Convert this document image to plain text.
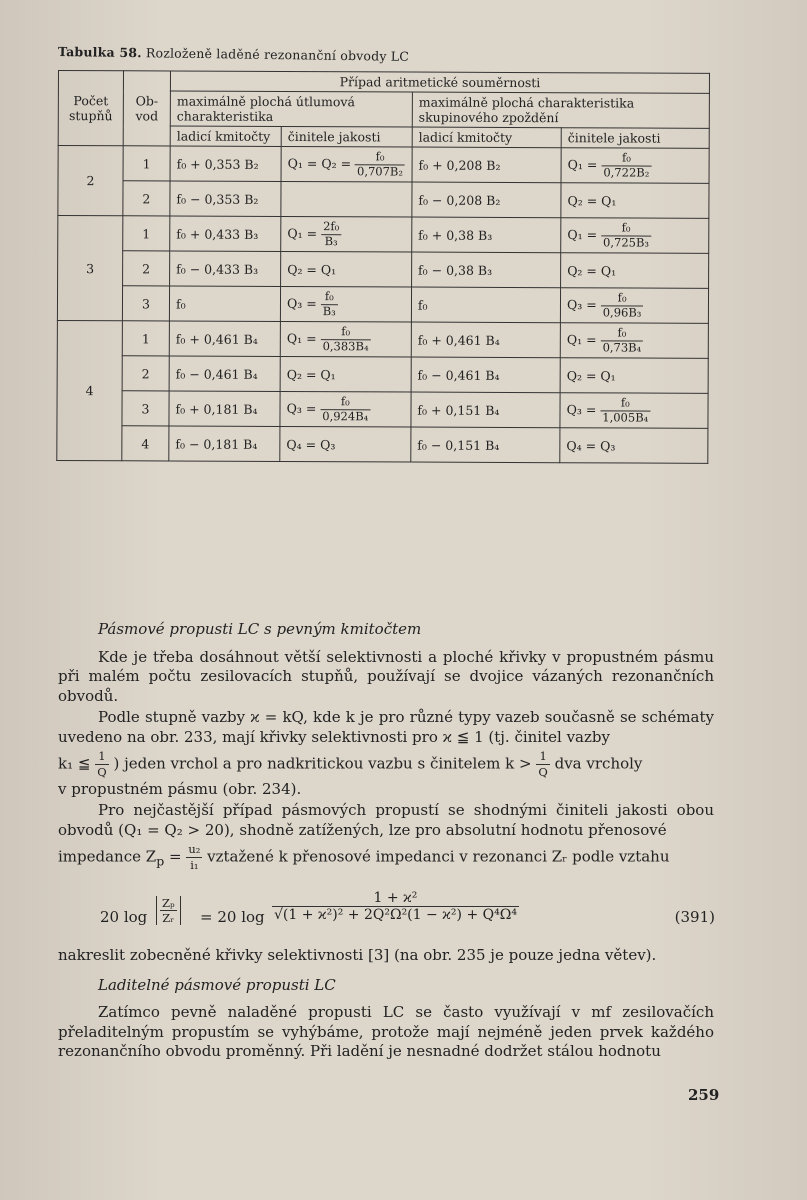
Tabulka 58. Rozloženě laděné rezonanční obvody LC
Počet stupňů	Ob- vod	Případ aritmetické souměrnosti			
		maximálně plochá útlumová charakteristika		maximálně plochá charakteristika skupinového zpoždění	
		ladicí kmitočty	činitele jakosti	ladicí kmitočty	činitele jakosti
2	1	f₀ + 0,353 B₂	$Q_1 = Q_2 = \frac{\text{f₀}}{\text{0,707B₂}}$	f₀ + 0,208 B₂	$Q_1 = \frac{\text{f₀}}{\text{0,722B₂}}$

	2	f₀ − 0,353 B₂		f₀ − 0,208 B₂	Q₂ = Q₁
3	1	f₀ + 0,433 B₃	$Q_1 = \frac{\text{2f₀}}{\text{B₃}}$	f₀ + 0,38 B₃	$Q_1 = \frac{\text{f₀}}{\text{0,725B₃}}$

	2	f₀ − 0,433 B₃	Q₂ = Q₁	f₀ − 0,38 B₃	Q₂ = Q₁
	3	f₀	$Q_3 = \frac{\text{f₀}}{\text{B₃}}$	f₀	$Q_3 = \frac{\text{f₀}}{\text{0,96B₃}}$

4	1	f₀ + 0,461 B₄	$Q_1 = \frac{\text{f₀}}{\text{0,383B₄}}$	f₀ + 0,461 B₄	$Q_1 = \frac{\text{f₀}}{\text{0,73B₄}}$

	2	f₀ − 0,461 B₄	Q₂ = Q₁	f₀ − 0,461 B₄	Q₂ = Q₁
	3	f₀ + 0,181 B₄	$Q_3 = \frac{\text{f₀}}{\text{0,924B₄}}$	f₀ + 0,151 B₄	$Q_3 = \frac{\text{f₀}}{\text{1,005B₄}}$

	4	f₀ − 0,181 B₄	Q₄ = Q₃	f₀ − 0,151 B₄	Q₄ = Q₃
Pásmové propusti LC s pevným kmitočtem
Kde je třeba dosáhnout větší selektivnosti a ploché křivky v propustném pásmu při malém počtu zesilovacích stupňů, používají se dvojice vázaných rezonančních obvodů.
Podle stupně vazby ϰ = kQ, kde k je pro různé typy vazeb současně se schématy uvedeno na obr. 233, mají křivky selektivnosti pro ϰ ≦ 1 (tj. činitel vazby
k₁ ≦ $\frac{1}{Q}$ ) jeden vrchol a pro nadkritickou vazbu s činitelem $k > \frac{1}{Q}$ dva vrcholy
v propustném pásmu (obr. 234).
Pro nejčastější případ pásmových propustí se shodnými činiteli jakosti obou obvodů (Q₁ = Q₂ > 20), shodně zatížených, lze pro absolutní hodnotu přenosové
impedance $Z_p = \frac{\text{u₂}}{\text{i₁}}$ vztažené k přenosové impedanci v rezonanci Zᵣ podle vztahu
20 $\log \frac{\text{Zₚ}}{\text{Zᵣ}} = 20$ $\log \frac{\text{1 + ϰ²}}{\text{√(1 + ϰ²)² + 2Q²Ω²(1 − ϰ²) + Q⁴Ω⁴}}$	(391)
nakreslit zobecněné křivky selektivnosti [3] (na obr. 235 je pouze jedna větev).
Laditelné pásmové propusti LC
Zatímco pevně naladěné propusti LC se často využívají v mf zesilovačích přeladitelným propustím se vyhýbáme, protože mají nejméně jeden prvek každého rezonančního obvodu proměnný. Při ladění je nesnadné dodržet stálou hodnotu
259
